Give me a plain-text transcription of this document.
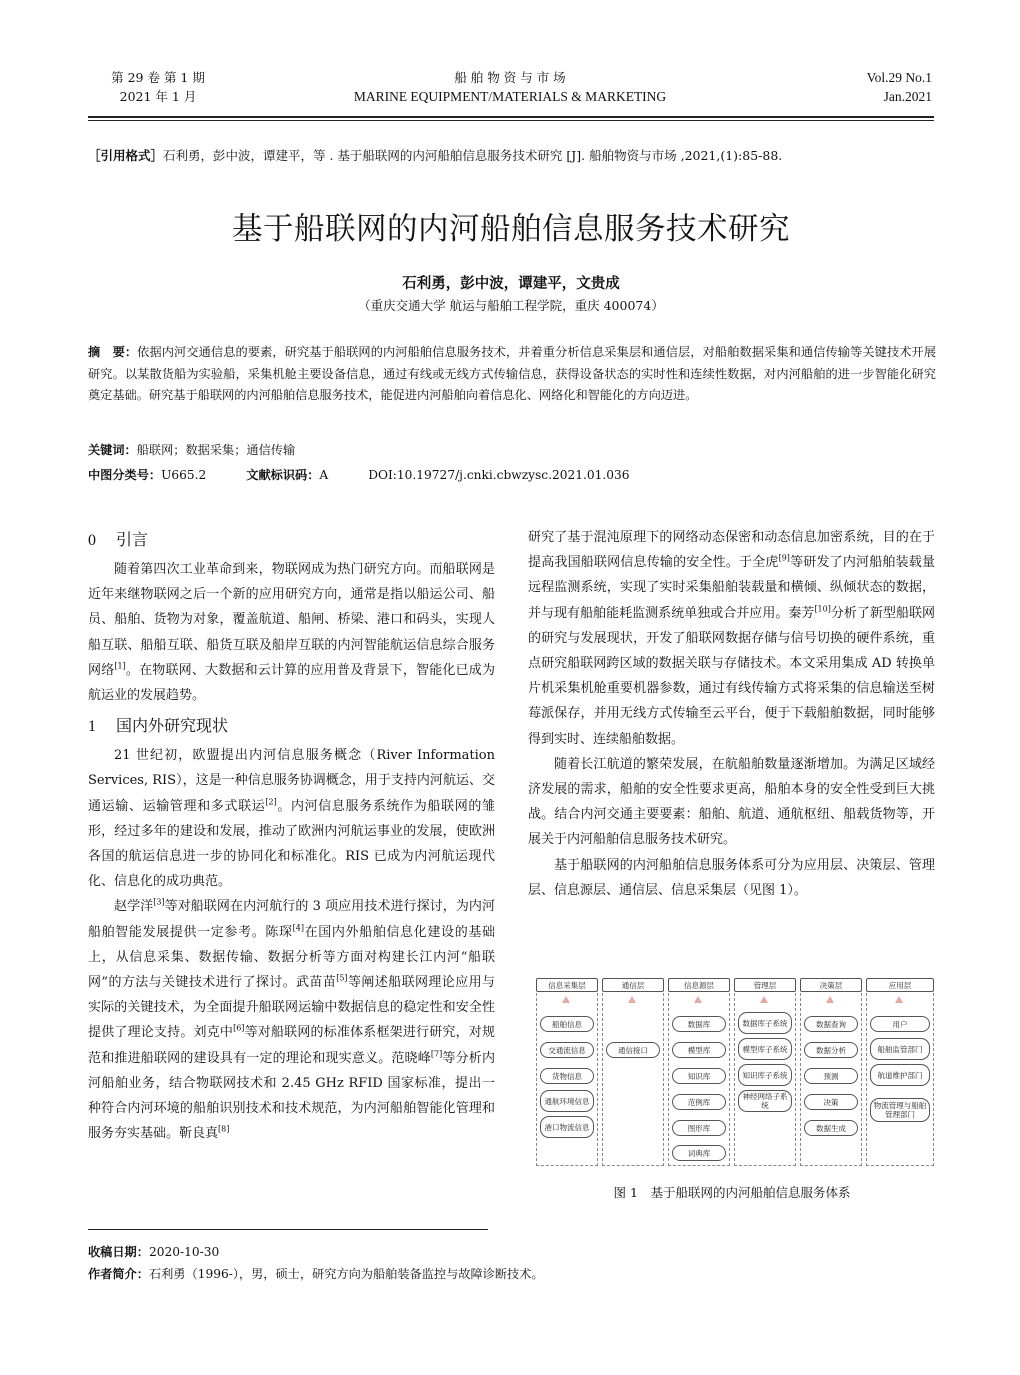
第 29 卷 第 1 期
2021 年 1 月
船 舶 物 资 与 市 场
MARINE EQUIPMENT/MATERIALS & MARKETING
Vol.29 No.1
Jan.2021
［引用格式］石利勇，彭中波，谭建平，等 . 基于船联网的内河船舶信息服务技术研究 [J]. 船舶物资与市场 ,2021,(1):85-88.
基于船联网的内河船舶信息服务技术研究
石利勇，彭中波，谭建平，文贵成
（重庆交通大学 航运与船舶工程学院，重庆 400074）
摘　要：依据内河交通信息的要素，研究基于船联网的内河船舶信息服务技术，并着重分析信息采集层和通信层，对船舶数据采集和通信传输等关键技术开展研究。以某散货船为实验船，采集机舱主要设备信息，通过有线或无线方式传输信息，获得设备状态的实时性和连续性数据，对内河船舶的进一步智能化研究奠定基础。研究基于船联网的内河船舶信息服务技术，能促进内河船舶向着信息化、网络化和智能化的方向迈进。
关键词：船联网；数据采集；通信传输
中图分类号：U665.2	文献标识码：A	DOI:10.19727/j.cnki.cbwzysc.2021.01.036
0 引言

随着第四次工业革命到来，物联网成为热门研究方向。而船联网是近年来继物联网之后一个新的应用研究方向，通常是指以船运公司、船员、船舶、货物为对象，覆盖航道、船闸、桥梁、港口和码头，实现人船互联、船船互联、船货互联及船岸互联的内河智能航运信息综合服务网络[1]。在物联网、大数据和云计算的应用普及背景下，智能化已成为航运业的发展趋势。

1 国内外研究现状

21 世纪初，欧盟提出内河信息服务概念（River Information Services, RIS），这是一种信息服务协调概念，用于支持内河航运、交通运输、运输管理和多式联运[2]。内河信息服务系统作为船联网的雏形，经过多年的建设和发展，推动了欧洲内河航运事业的发展，使欧洲各国的航运信息进一步的协同化和标准化。RIS 已成为内河航运现代化、信息化的成功典范。

赵学洋[3]等对船联网在内河航行的 3 项应用技术进行探讨，为内河船舶智能发展提供一定参考。陈琛[4]在国内外船舶信息化建设的基础上，从信息采集、数据传输、数据分析等方面对构建长江内河“船联网”的方法与关键技术进行了探讨。武苗苗[5]等阐述船联网理论应用与实际的关键技术，为全面提升船联网运输中数据信息的稳定性和安全性提供了理论支持。刘克中[6]等对船联网的标准体系框架进行研究，对规范和推进船联网的建设具有一定的理论和现实意义。范晓峰[7]等分析内河船舶业务，结合物联网技术和 2.45 GHz RFID 国家标准，提出一种符合内河环境的船舶识别技术和技术规范，为内河船舶智能化管理和服务夯实基础。靳良真[8]

研究了基于混沌原理下的网络动态保密和动态信息加密系统，目的在于提高我国船联网信息传输的安全性。于全虎[9]等研发了内河船舶装载量远程监测系统，实现了实时采集船舶装载量和横倾、纵倾状态的数据，并与现有船舶能耗监测系统单独或合并应用。秦芳[10]分析了新型船联网的研究与发展现状，开发了船联网数据存储与信号切换的硬件系统，重点研究船联网跨区域的数据关联与存储技术。本文采用集成 AD 转换单片机采集机舱重要机器参数，通过有线传输方式将采集的信息输送至树莓派保存，并用无线方式传输至云平台，便于下载船舶数据，同时能够得到实时、连续船舶数据。

随着长江航道的繁荣发展，在航船舶数量逐渐增加。为满足区域经济发展的需求，船舶的安全性要求更高，船舶本身的安全性受到巨大挑战。结合内河交通主要要素：船舶、航道、通航枢纽、船载货物等，开展关于内河船舶信息服务技术研究。

基于船联网的内河船舶信息服务体系可分为应用层、决策层、管理层、信息源层、通信层、信息采集层（见图 1）。

信息采集层	通信层	信息源层	管理层	决策层	应用层
船舶信息
交通流信息
货物信息
通航环境信息
港口物流信息
通信接口
数据库
模型库
知识库
范例库
图形库
词典库
数据库子系统
模型库子系统
知识库子系统
神经网络子系统
数据查询
数据分析
预测
决策
数据生成
用户
船舶监管部门
航道维护部门
物流管理与船舶管理部门
图 1　基于船联网的内河船舶信息服务体系
收稿日期：2020-10-30
作者简介：石利勇（1996-），男，硕士，研究方向为船舶装备监控与故障诊断技术。
